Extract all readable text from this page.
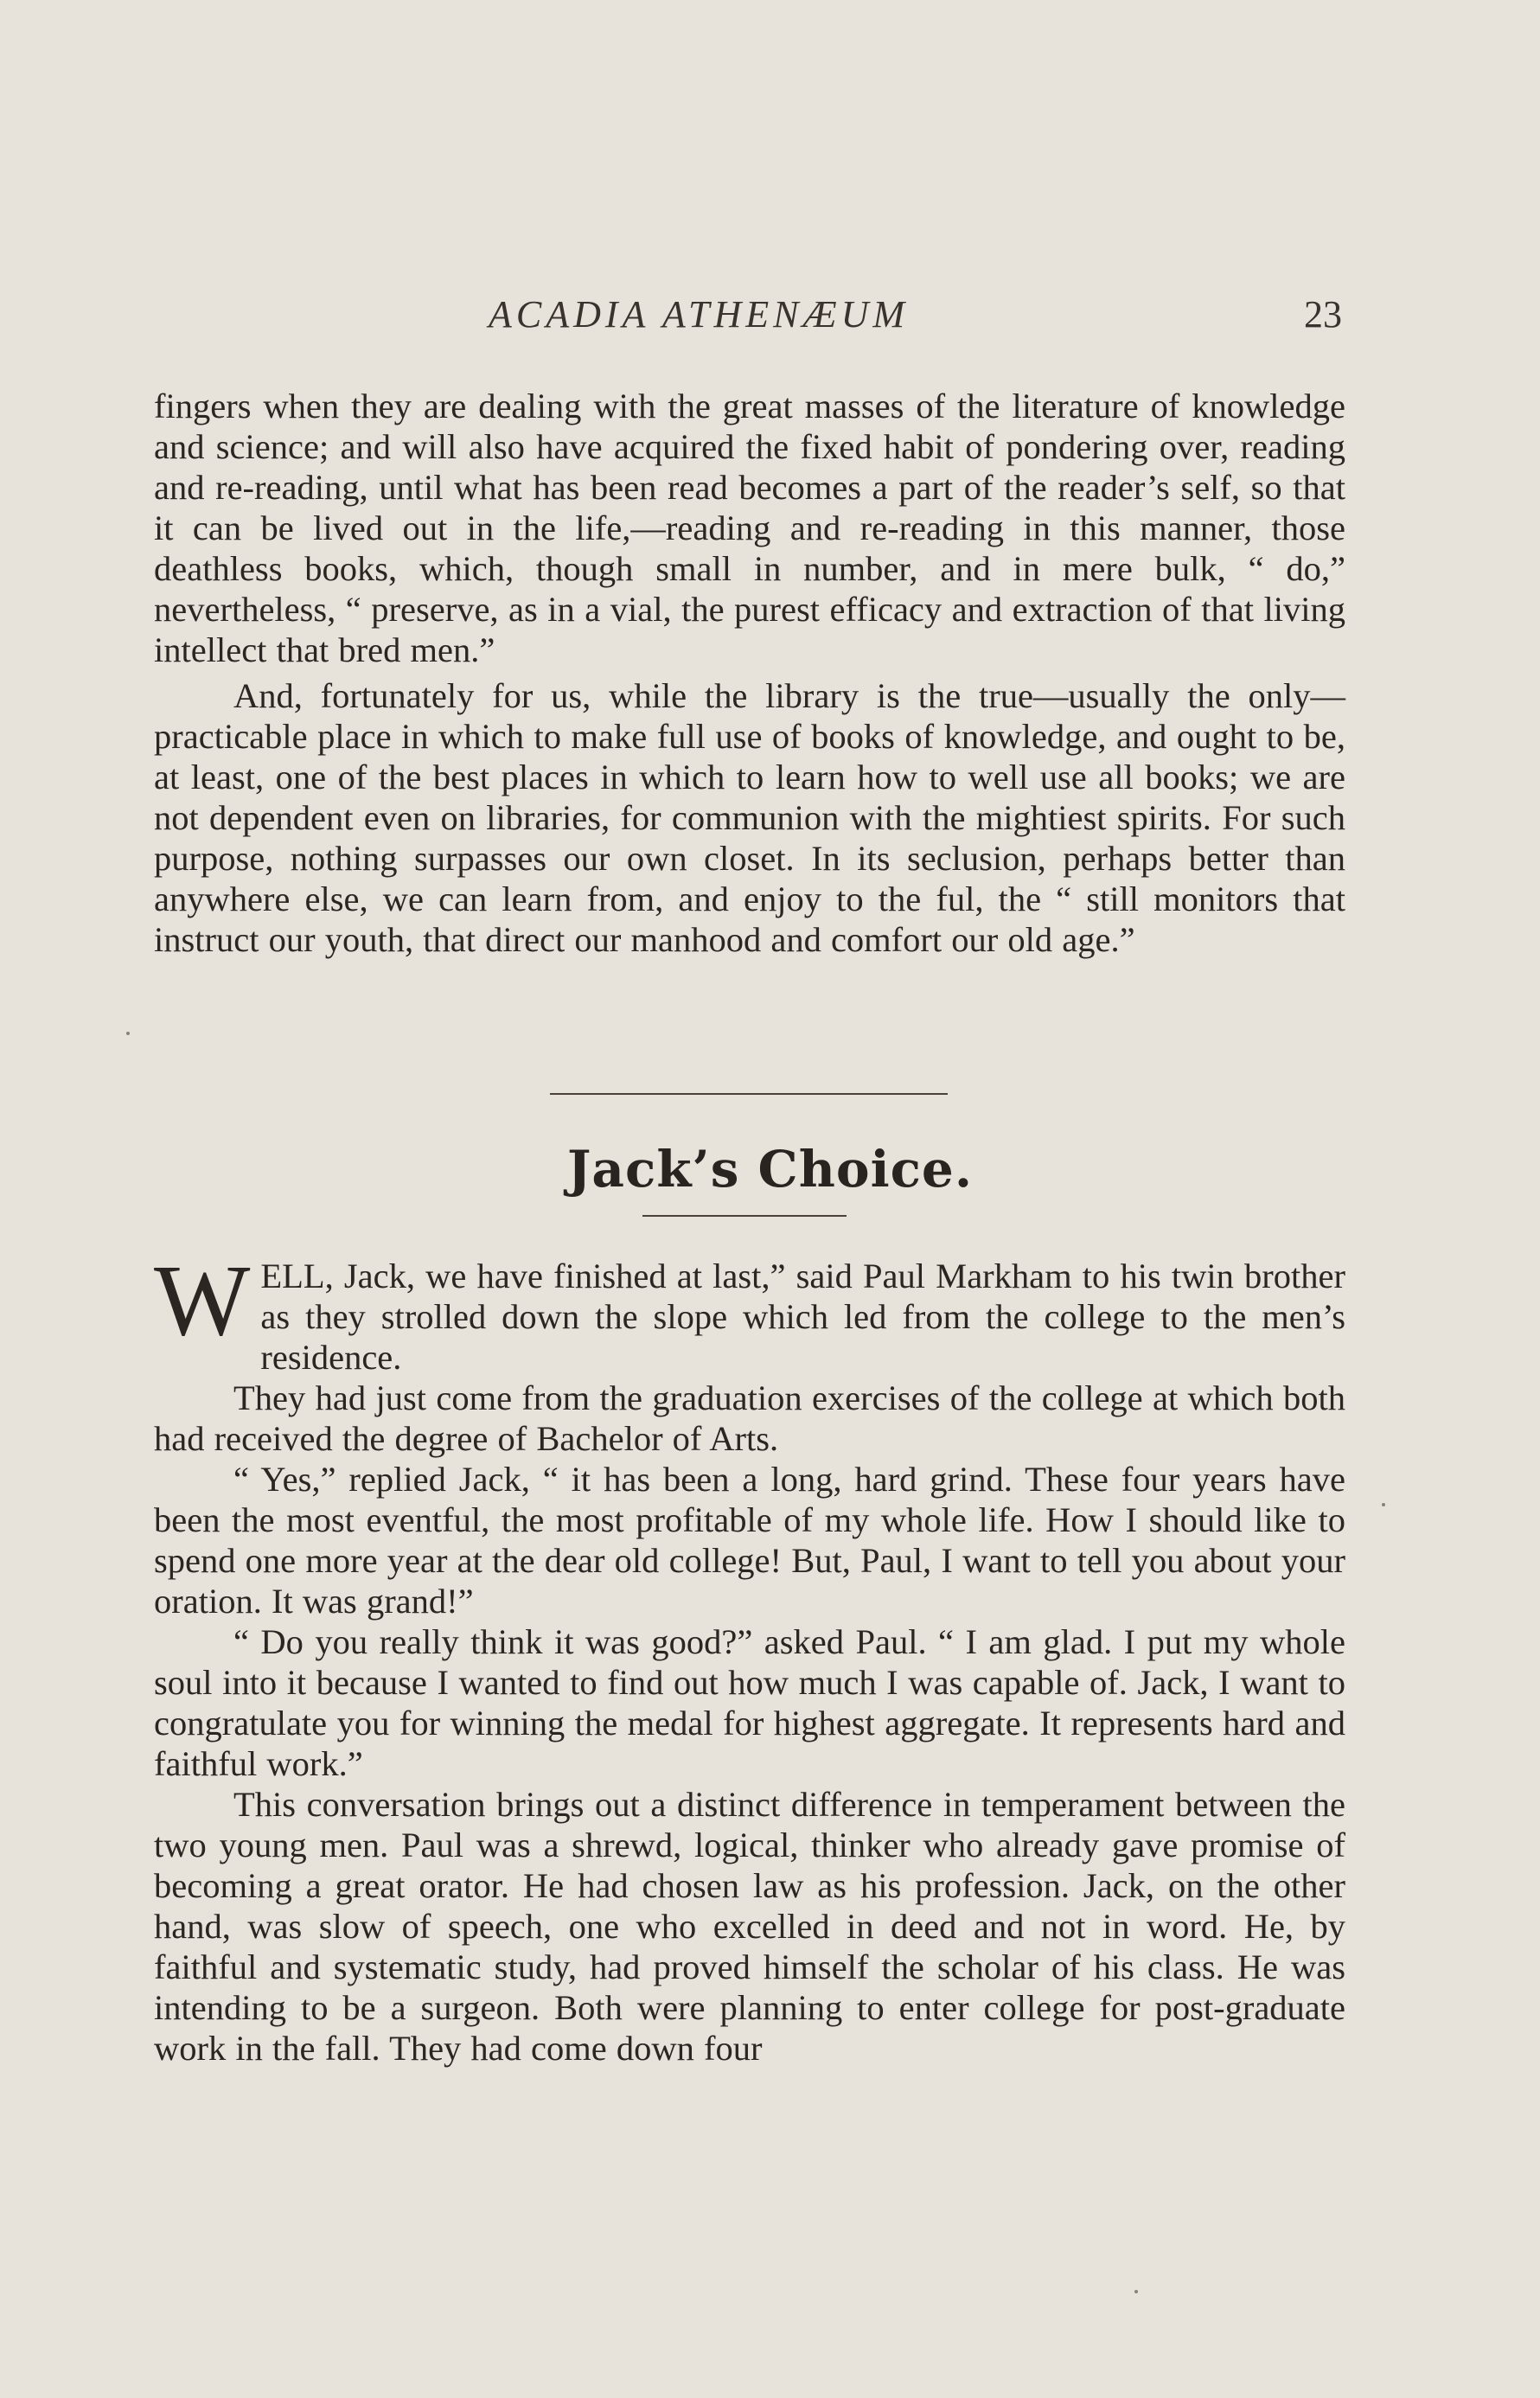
ACADIA ATHENÆUM	23

fingers when they are dealing with the great masses of the literature of knowledge and science; and will also have acquired the fixed habit of pondering over, reading and re-reading, until what has been read becomes a part of the reader’s self, so that it can be lived out in the life,—reading and re-reading in this manner, those deathless books, which, though small in number, and in mere bulk, “ do,” nevertheless, “ preserve, as in a vial, the purest efficacy and extraction of that living intellect that bred men.”

And, fortunately for us, while the library is the true—usually the only—practicable place in which to make full use of books of knowledge, and ought to be, at least, one of the best places in which to learn how to well use all books; we are not dependent even on libraries, for communion with the mightiest spirits. For such purpose, nothing surpasses our own closet. In its seclusion, perhaps better than anywhere else, we can learn from, and enjoy to the ful, the “ still monitors that instruct our youth, that direct our manhood and comfort our old age.”

Jack’s Choice.

WELL, Jack, we have finished at last,” said Paul Markham to his twin brother as they strolled down the slope which led from the college to the men’s residence.

They had just come from the graduation exercises of the college at which both had received the degree of Bachelor of Arts.

“ Yes,” replied Jack, “ it has been a long, hard grind. These four years have been the most eventful, the most profitable of my whole life. How I should like to spend one more year at the dear old college! But, Paul, I want to tell you about your oration. It was grand!”

“ Do you really think it was good?” asked Paul. “ I am glad. I put my whole soul into it because I wanted to find out how much I was capable of. Jack, I want to congratulate you for winning the medal for highest aggregate. It represents hard and faithful work.”

This conversation brings out a distinct difference in temperament between the two young men. Paul was a shrewd, logical, thinker who already gave promise of becoming a great orator. He had chosen law as his profession. Jack, on the other hand, was slow of speech, one who excelled in deed and not in word. He, by faithful and systematic study, had proved himself the scholar of his class. He was intending to be a surgeon. Both were planning to enter college for post-graduate work in the fall. They had come down four
